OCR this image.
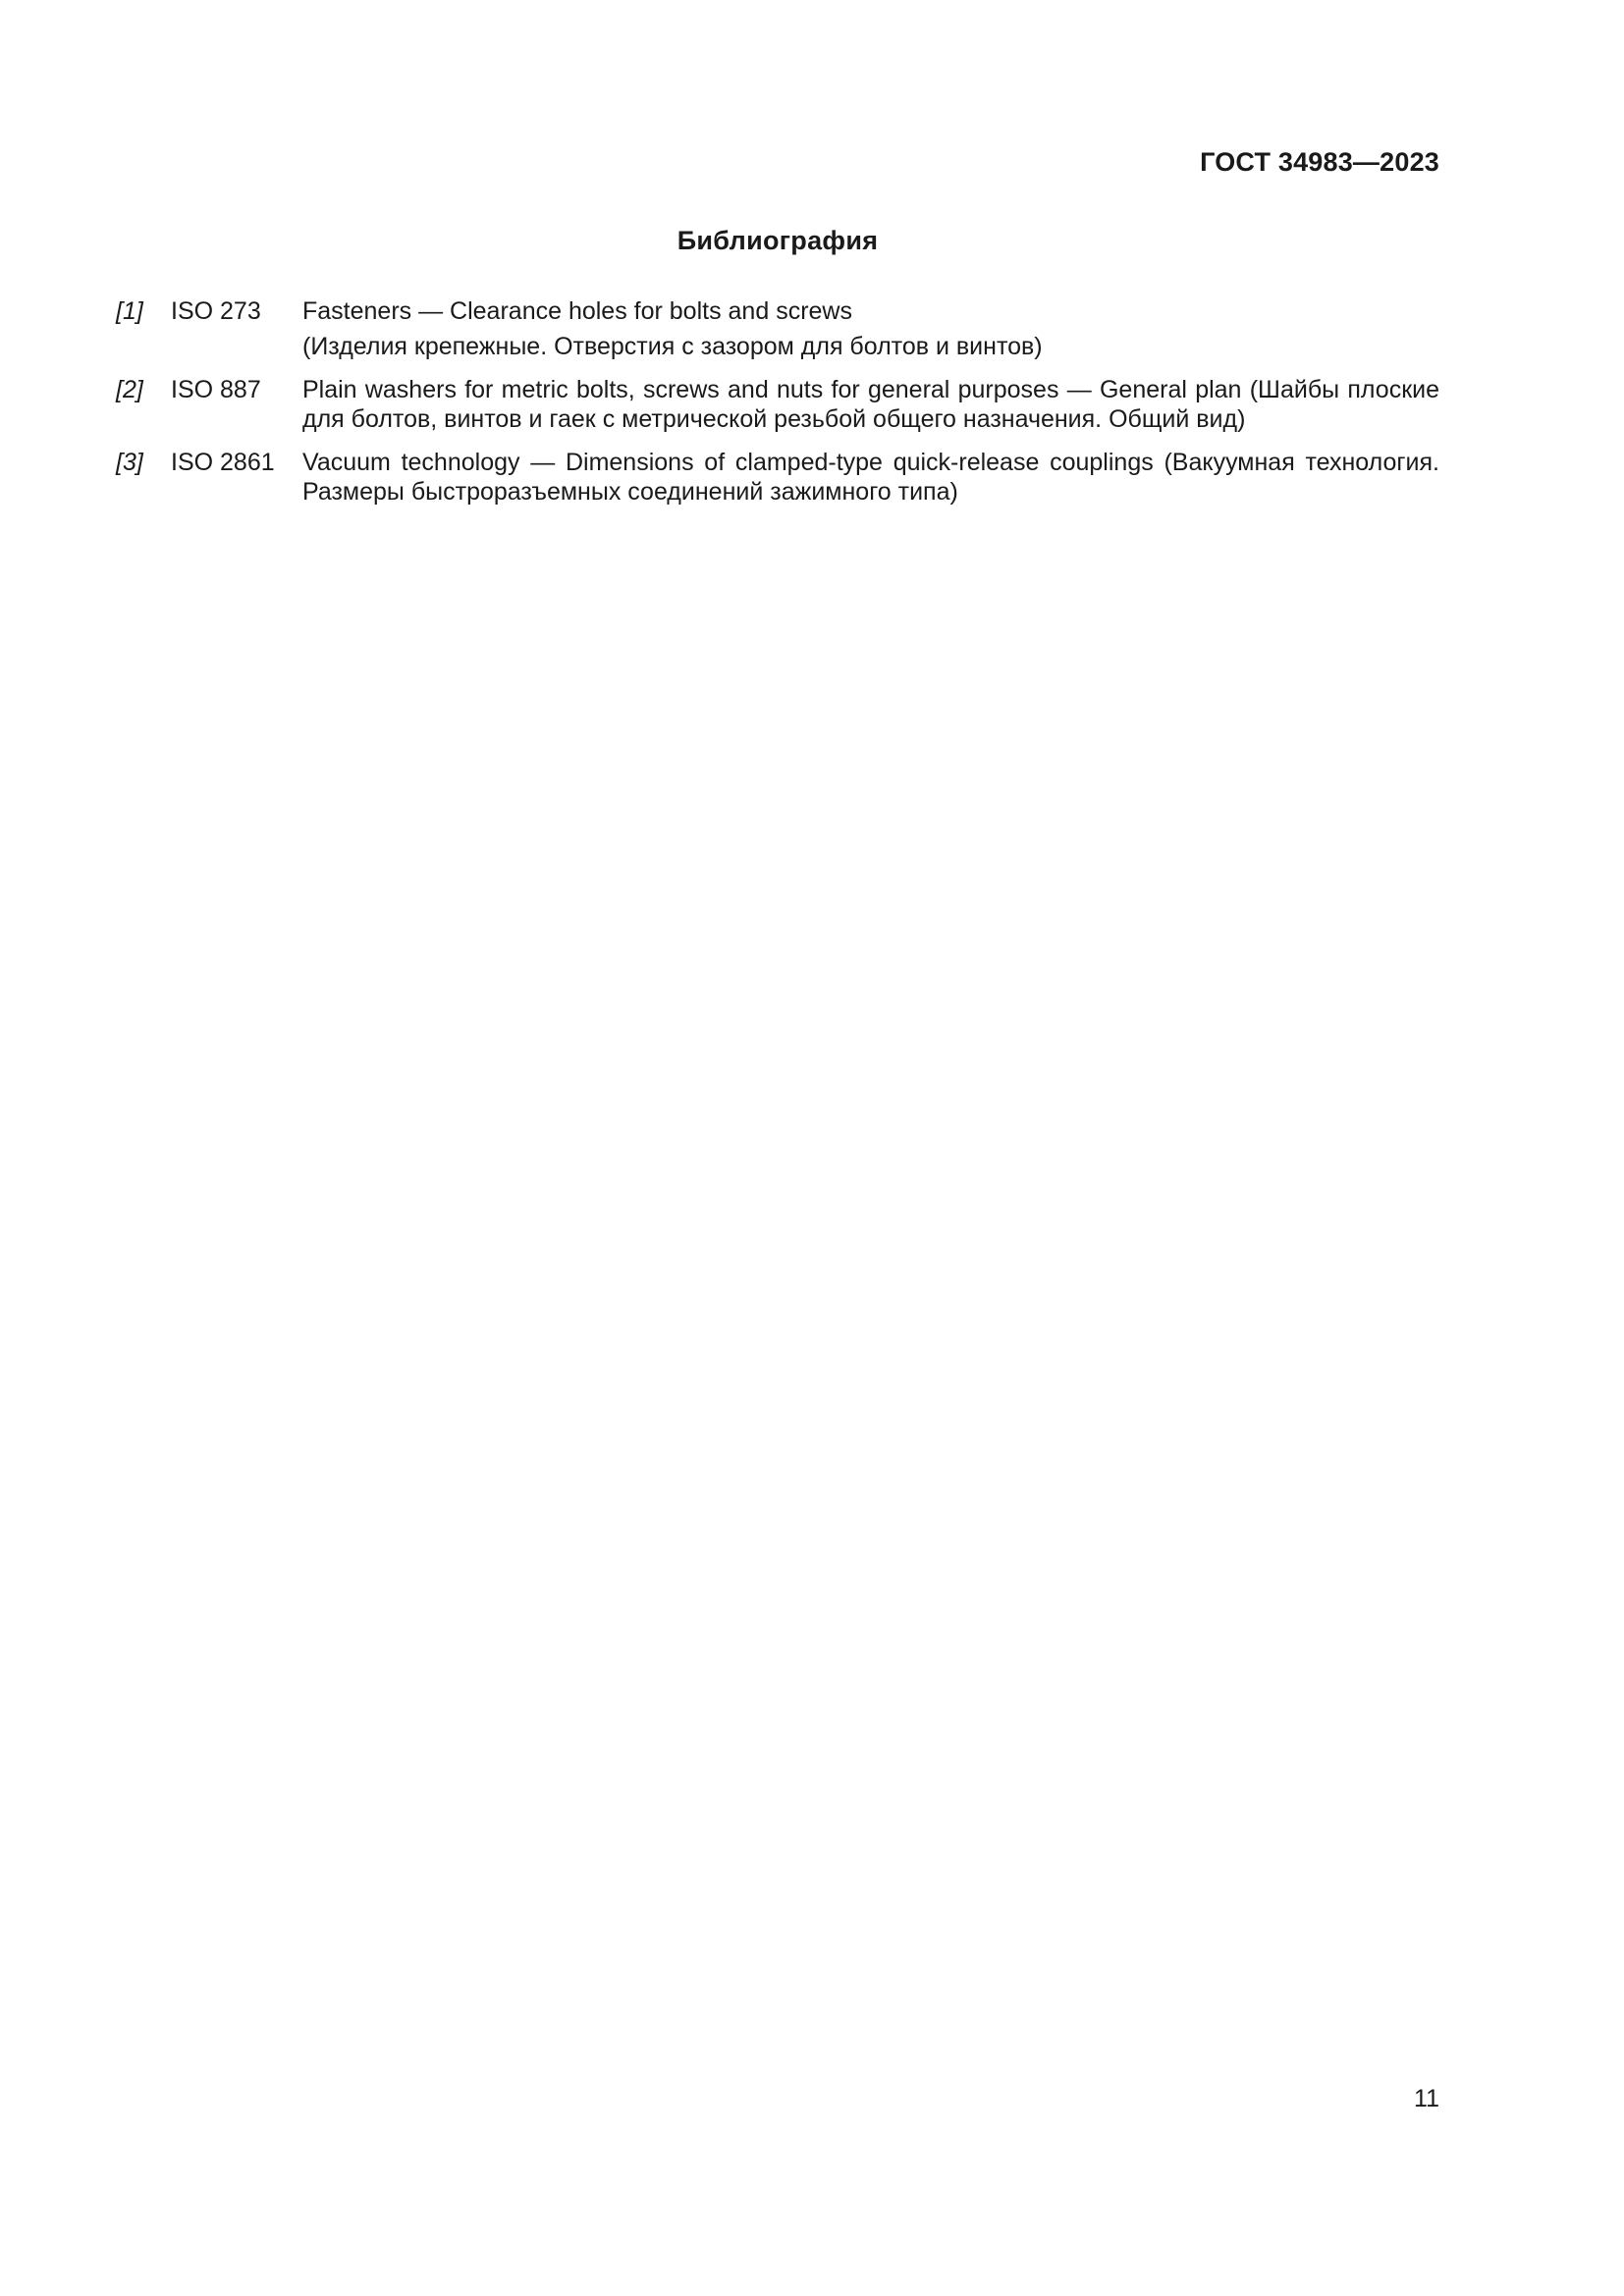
ГОСТ 34983—2023
Библиография
[1]	ISO 273	Fasteners — Clearance holes for bolts and screws
(Изделия крепежные. Отверстия с зазором для болтов и винтов)
[2]	ISO 887	Plain washers for metric bolts, screws and nuts for general purposes — General plan (Шайбы плоские для болтов, винтов и гаек с метрической резьбой общего назначения. Общий вид)
[3]	ISO 2861	Vacuum technology — Dimensions of clamped-type quick-release couplings (Вакуумная технология. Размеры быстроразъемных соединений зажимного типа)
11
